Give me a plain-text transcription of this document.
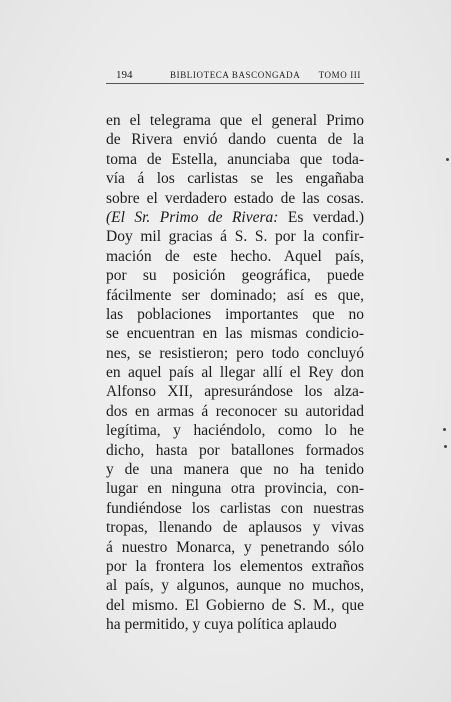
194	BIBLIOTECA BASCONGADA TOMO III
en el telegrama que el general Primo
de Rivera envió dando cuenta de la
toma de Estella, anunciaba que toda-
vía á los carlistas se les engañaba
sobre el verdadero estado de las cosas.
(El Sr. Primo de Rivera: Es verdad.)
Doy mil gracias á S. S. por la confir-
mación de este hecho. Aquel país,
por su posición geográfica, puede
fácilmente ser dominado; así es que,
las poblaciones importantes que no
se encuentran en las mismas condicio-
nes, se resistieron; pero todo concluyó
en aquel país al llegar allí el Rey don
Alfonso XII, apresurándose los alza-
dos en armas á reconocer su autoridad
legítima, y haciéndolo, como lo he
dicho, hasta por batallones formados
y de una manera que no ha tenido
lugar en ninguna otra provincia, con-
fundiéndose los carlistas con nuestras
tropas, llenando de aplausos y vivas
á nuestro Monarca, y penetrando sólo
por la frontera los elementos extraños
al país, y algunos, aunque no muchos,
del mismo. El Gobierno de S. M., que
ha permitido, y cuya política aplaudo
